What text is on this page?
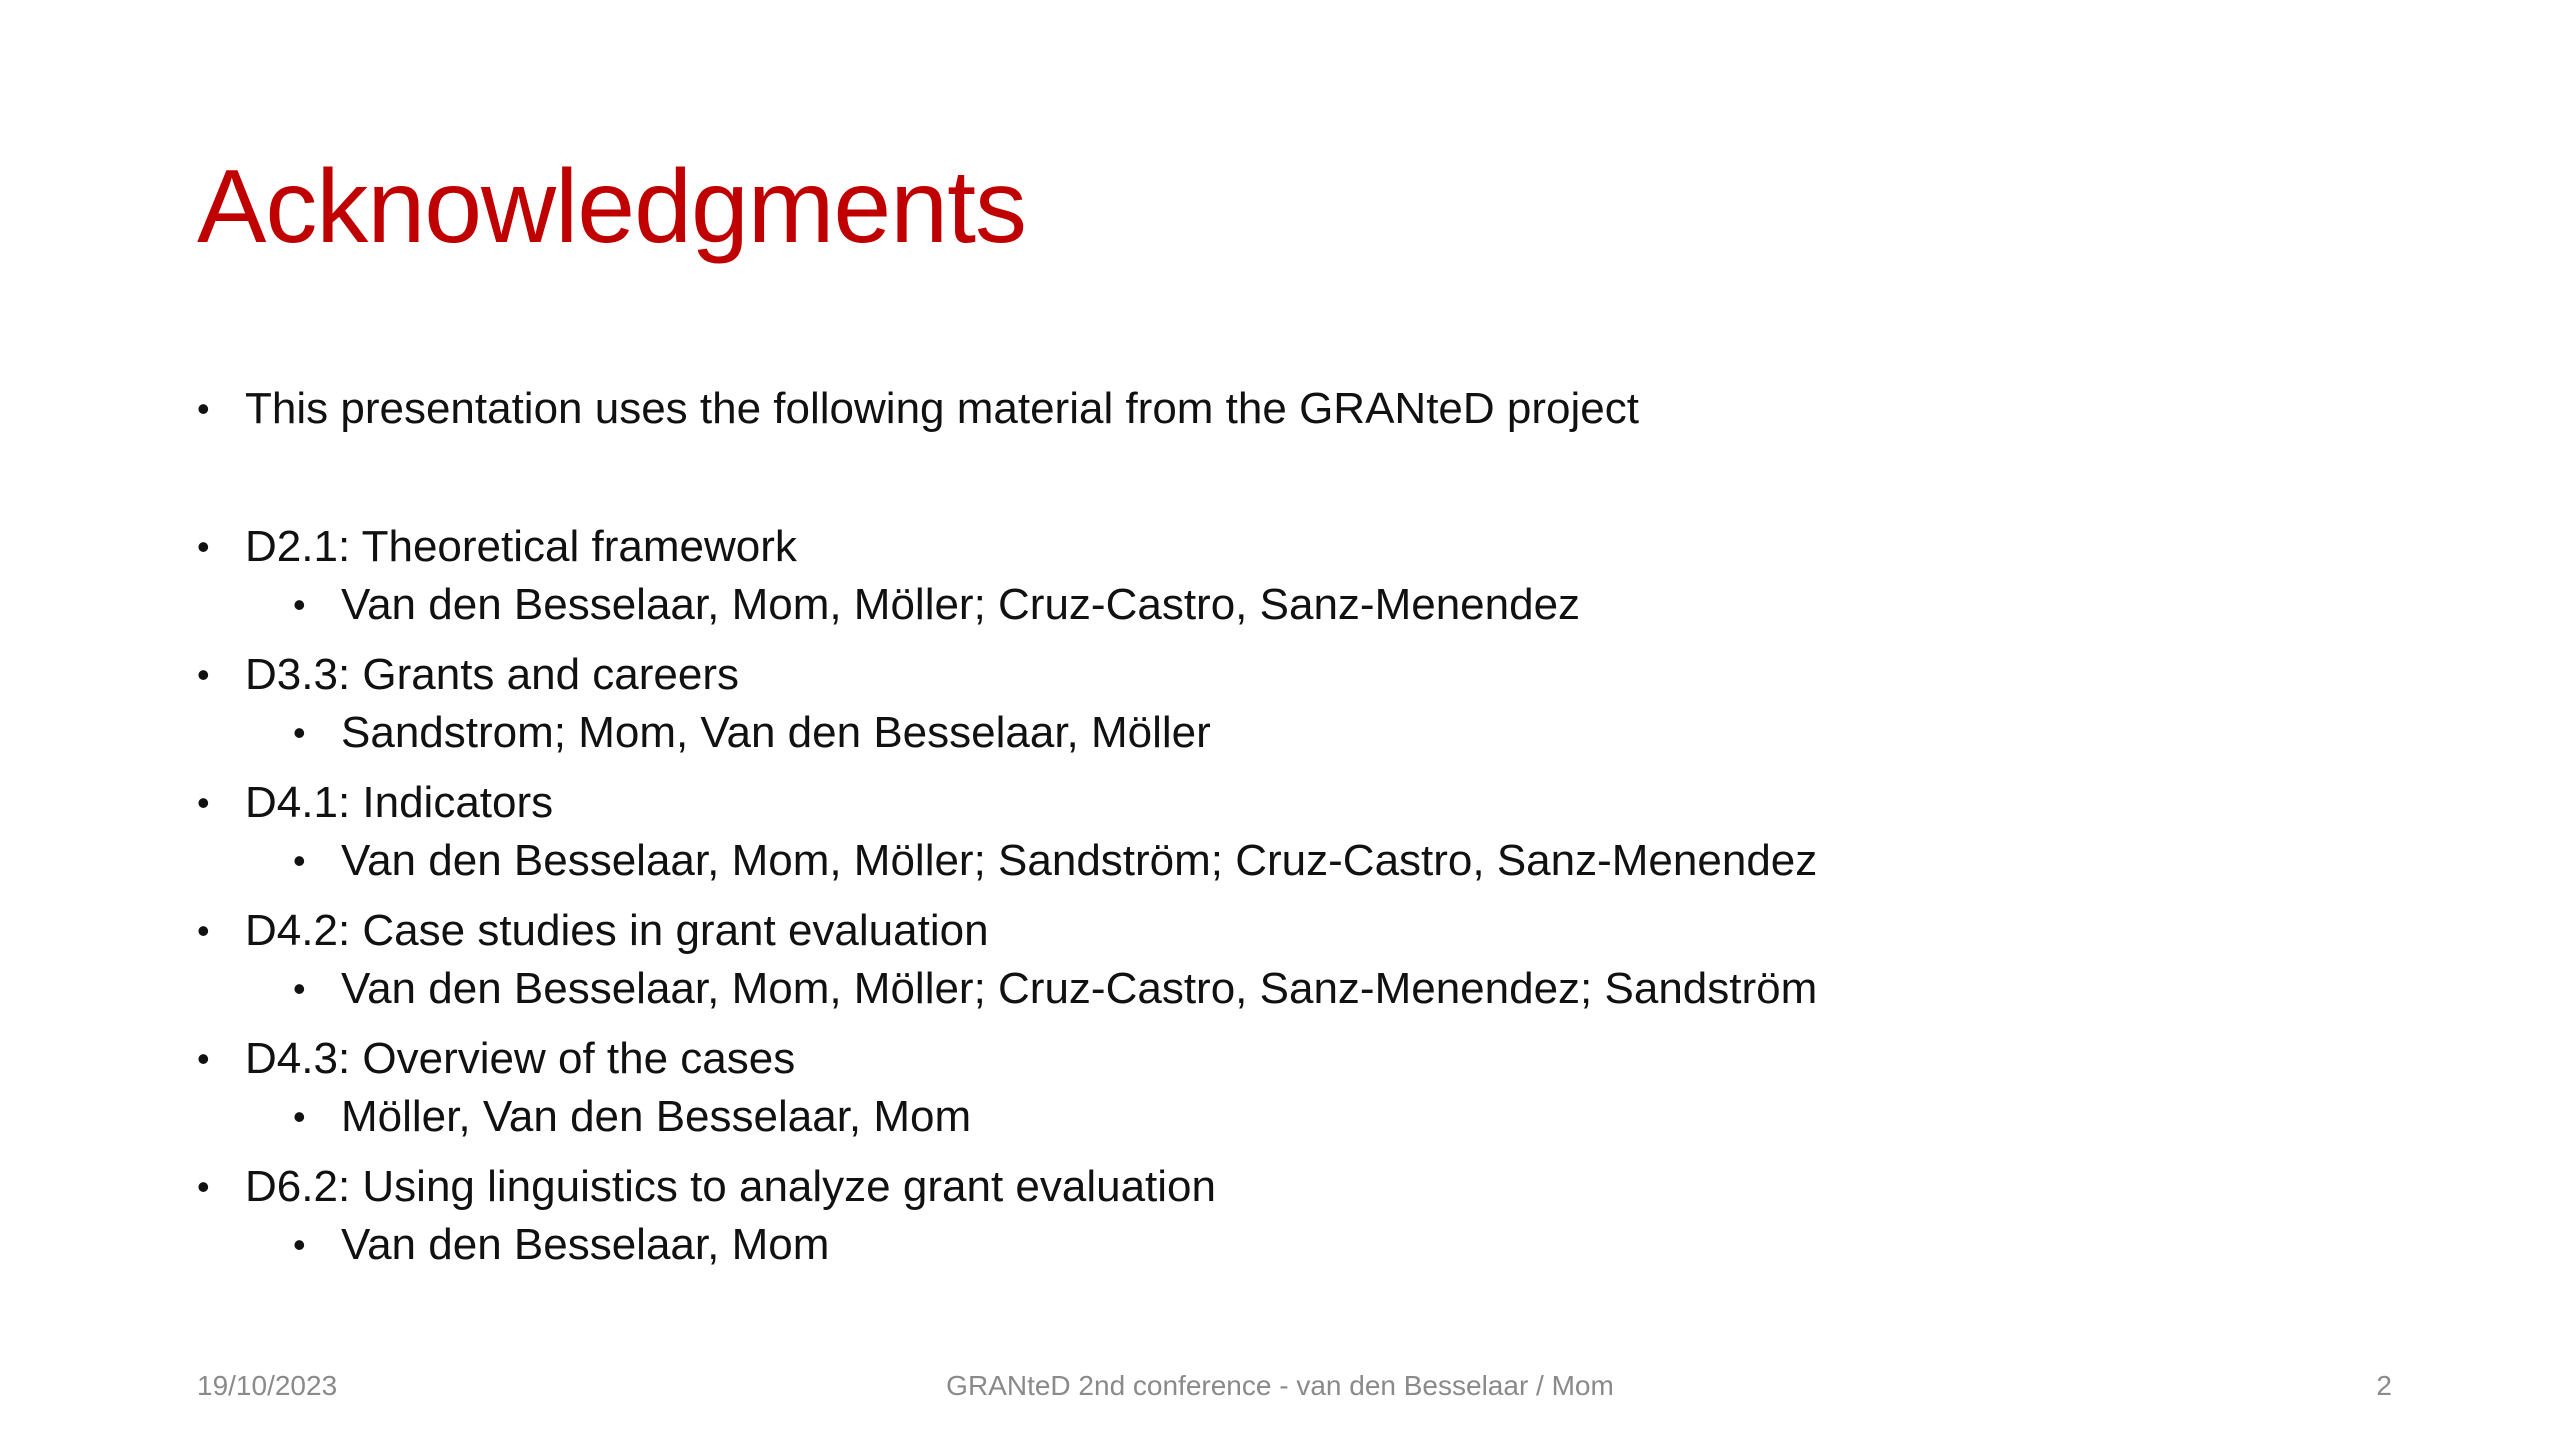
Acknowledgments
• This presentation uses the following material from the GRANteD project
• D2.1: Theoretical framework
• Van den Besselaar, Mom, Möller; Cruz-Castro, Sanz-Menendez
• D3.3: Grants and careers
• Sandstrom; Mom, Van den Besselaar, Möller
• D4.1: Indicators
• Van den Besselaar, Mom, Möller; Sandström; Cruz-Castro, Sanz-Menendez
• D4.2: Case studies in grant evaluation
• Van den Besselaar, Mom, Möller; Cruz-Castro, Sanz-Menendez; Sandström
• D4.3: Overview of the cases
• Möller, Van den Besselaar, Mom
• D6.2: Using linguistics to analyze grant evaluation
• Van den Besselaar, Mom
19/10/2023	GRANteD 2nd conference - van den Besselaar / Mom	2
